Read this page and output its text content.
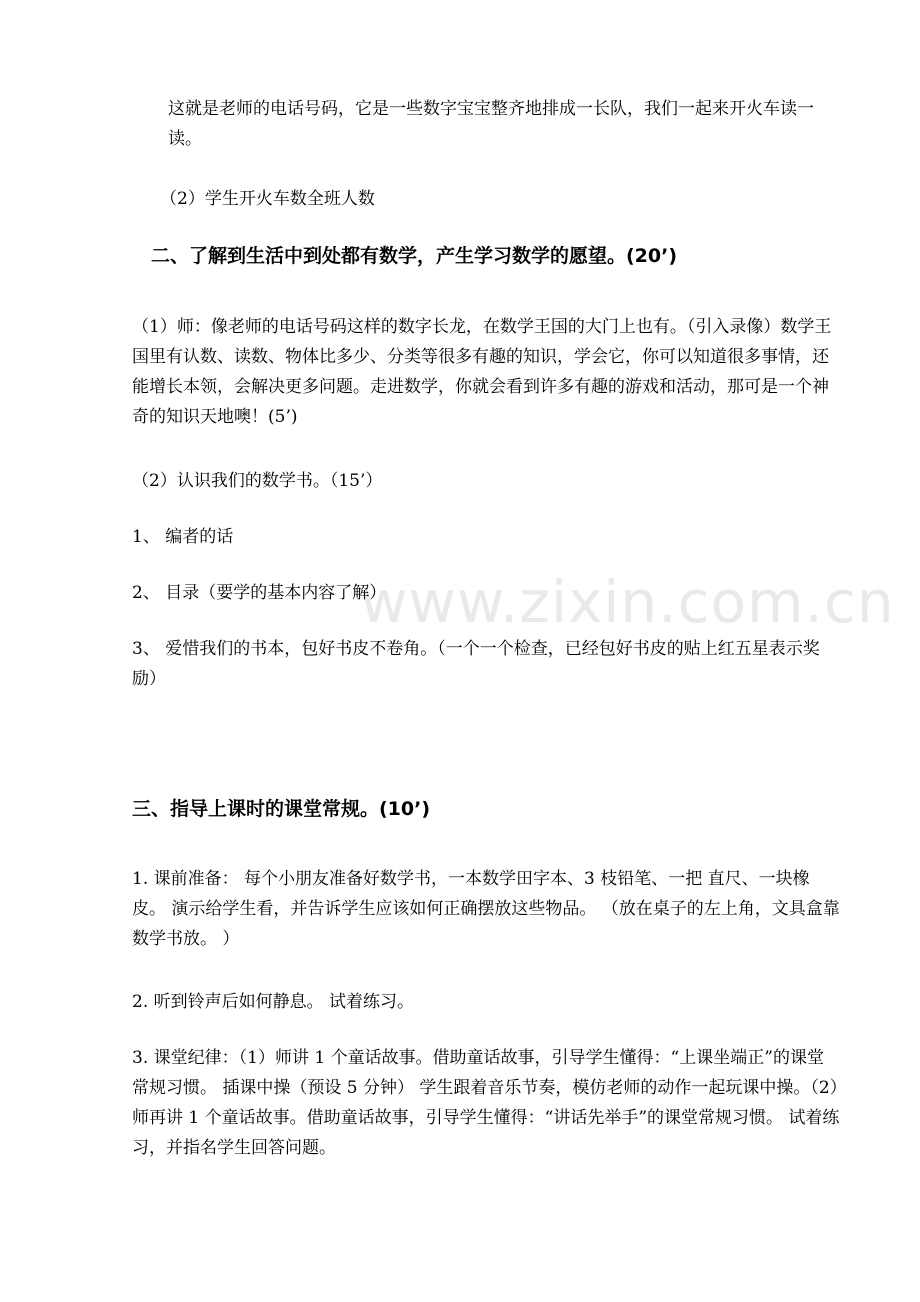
www.zixin.com.cn

这就是老师的电话号码，它是一些数字宝宝整齐地排成一长队，我们一起来开火车读一读。

（2）学生开火车数全班人数

二、了解到生活中到处都有数学，产生学习数学的愿望。(20’)

（1）师：像老师的电话号码这样的数字长龙，在数学王国的大门上也有。（引入录像）数学王国里有认数、读数、物体比多少、分类等很多有趣的知识，学会它，你可以知道很多事情，还能增长本领，会解决更多问题。走进数学，你就会看到许多有趣的游戏和活动，那可是一个神奇的知识天地噢！(5’)

（2）认识我们的数学书。（15’）

1、 编者的话

2、 目录（要学的基本内容了解）

3、 爱惜我们的书本，包好书皮不卷角。（一个一个检查，已经包好书皮的贴上红五星表示奖励）

三、指导上课时的课堂常规。(10’)

1. 课前准备： 每个小朋友准备好数学书，一本数学田字本、3 枝铅笔、一把 直尺、一块橡皮。 演示给学生看，并告诉学生应该如何正确摆放这些物品。 （放在桌子的左上角，文具盒靠数学书放。 ）

2. 听到铃声后如何静息。 试着练习。

3. 课堂纪律：（1）师讲 1 个童话故事。借助童话故事，引导学生懂得：“上课坐端正”的课堂常规习惯。 插课中操（预设 5 分钟） 学生跟着音乐节奏，模仿老师的动作一起玩课中操。（2）师再讲 1 个童话故事。借助童话故事，引导学生懂得：“讲话先举手”的课堂常规习惯。 试着练习，并指名学生回答问题。
